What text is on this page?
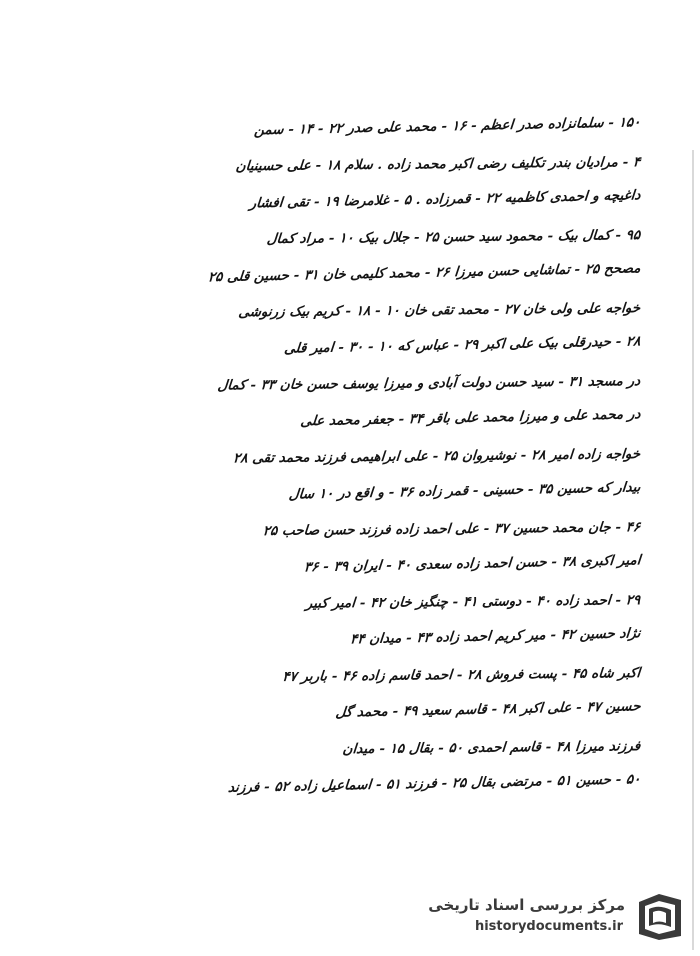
۱۵۰ - سلمانزاده صدر اعظم - ۱۶ - محمد علی صدر ۲۲ - ۱۴ - سمن
۴ - مرادیان بندر تکلیف رضی اکبر محمد زاده . سلام ۱۸ - علی حسینیان
داغیچه و احمدی کاظمیه ۲۲ - قمرزاده . ۵ - غلامرضا ۱۹ - تقی افشار
۹۵ - کمال بیک - محمود سید حسن ۲۵ - جلال بیک ۱۰ - مراد کمال
مصحح ۲۵ - تماشایی حسن میرزا ۲۶ - محمد کلیمی خان ۳۱ - حسین قلی ۲۵
خواجه علی ولی خان ۲۷ - محمد تقی خان ۱۰ - ۱۸ - کریم بیک زرنوشی
۲۸ - حیدرقلی بیک علی اکبر ۲۹ - عباس که ۱۰ - ۳۰ - امیر قلی
در مسجد ۳۱ - سید حسن دولت آبادی و میرزا یوسف حسن خان ۳۳ - کمال
در محمد علی و میرزا محمد علی باقر ۳۴ - جعفر محمد علی
خواجه زاده امیر ۲۸ - نوشیروان ۲۵ - علی ابراهیمی فرزند محمد تقی ۲۸
بیدار که حسین ۳۵ - حسینی - قمر زاده ۳۶ - و اقع در ۱۰ سال
۴۶ - جان محمد حسین ۳۷ - علی احمد زاده فرزند حسن صاحب ۲۵
امیر اکبری ۳۸ - حسن احمد زاده سعدی ۴۰ - ایران ۳۹ - ۳۶
۲۹ - احمد زاده ۴۰ - دوستی ۴۱ - چنگیز خان ۴۲ - امیر کبیر
نژاد حسین ۴۲ - میر کریم احمد زاده ۴۳ - میدان ۴۴
اکبر شاه ۴۵ - پست فروش ۲۸ - احمد قاسم زاده ۴۶ - باربر ۴۷
حسین ۴۷ - علی اکبر ۴۸ - قاسم سعید ۴۹ - محمد گل
فرزند میرزا ۴۸ - قاسم احمدی ۵۰ - بقال ۱۵ - میدان
۵۰ - حسین ۵۱ - مرتضی بقال ۲۵ - فرزند ۵۱ - اسماعیل زاده ۵۲ - فرزند
مرکز بررسی اسناد تاریخی
historydocuments.ir
